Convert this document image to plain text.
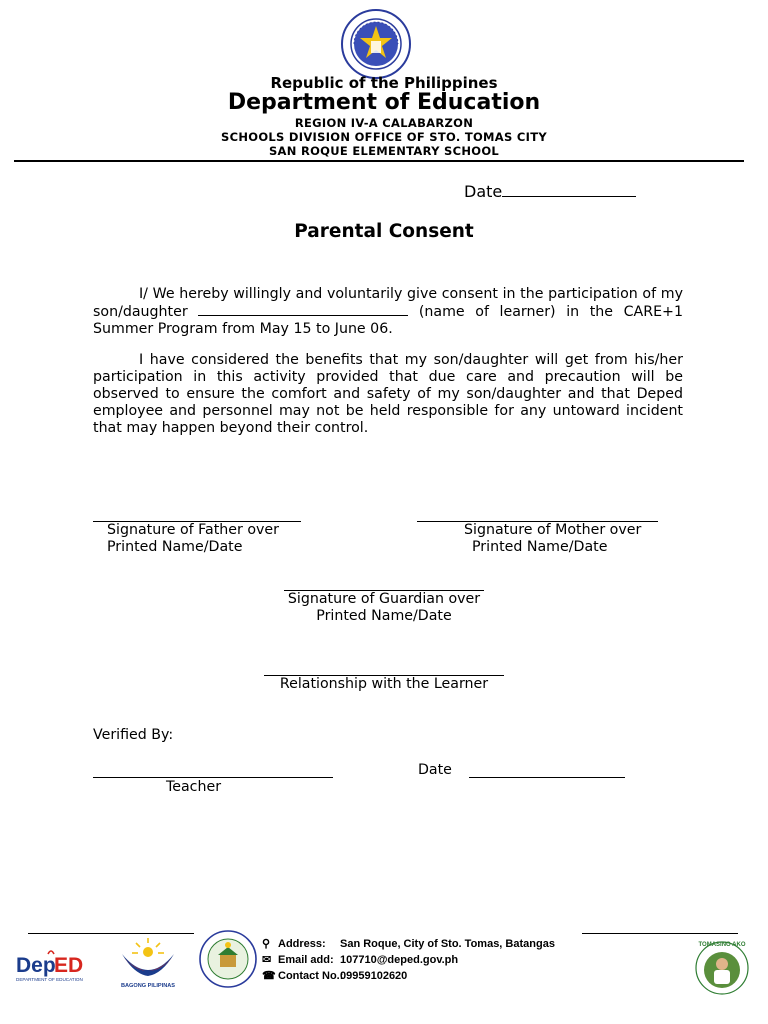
Republic of the Philippines
Department of Education
REGION IV-A CALABARZON
SCHOOLS DIVISION OFFICE OF STO. TOMAS CITY
SAN ROQUE ELEMENTARY SCHOOL
Date
Parental Consent
I/ We hereby willingly and voluntarily give consent in the participation of my son/daughter	(name of learner) in the CARE+1 Summer Program from May 15 to June 06.
I have considered the benefits that my son/daughter will get from his/her participation in this activity provided that due care and precaution will be observed to ensure the comfort and safety of my son/daughter and that Deped employee and personnel may not be held responsible for any untoward incident that may happen beyond their control.
Signature of Father over
Printed Name/Date
Signature of Mother over
Printed Name/Date
Signature of Guardian over
Printed Name/Date
Relationship with the Learner
Verified By:
Teacher
Date
Dep
ED
DEPARTMENT OF EDUCATION
BAGONG PILIPINAS
⚲ Address: San Roque, City of Sto. Tomas, Batangas
✉ Email add: 107710@deped.gov.ph
☎ Contact No.:09959102620
TOMASINO AKO
